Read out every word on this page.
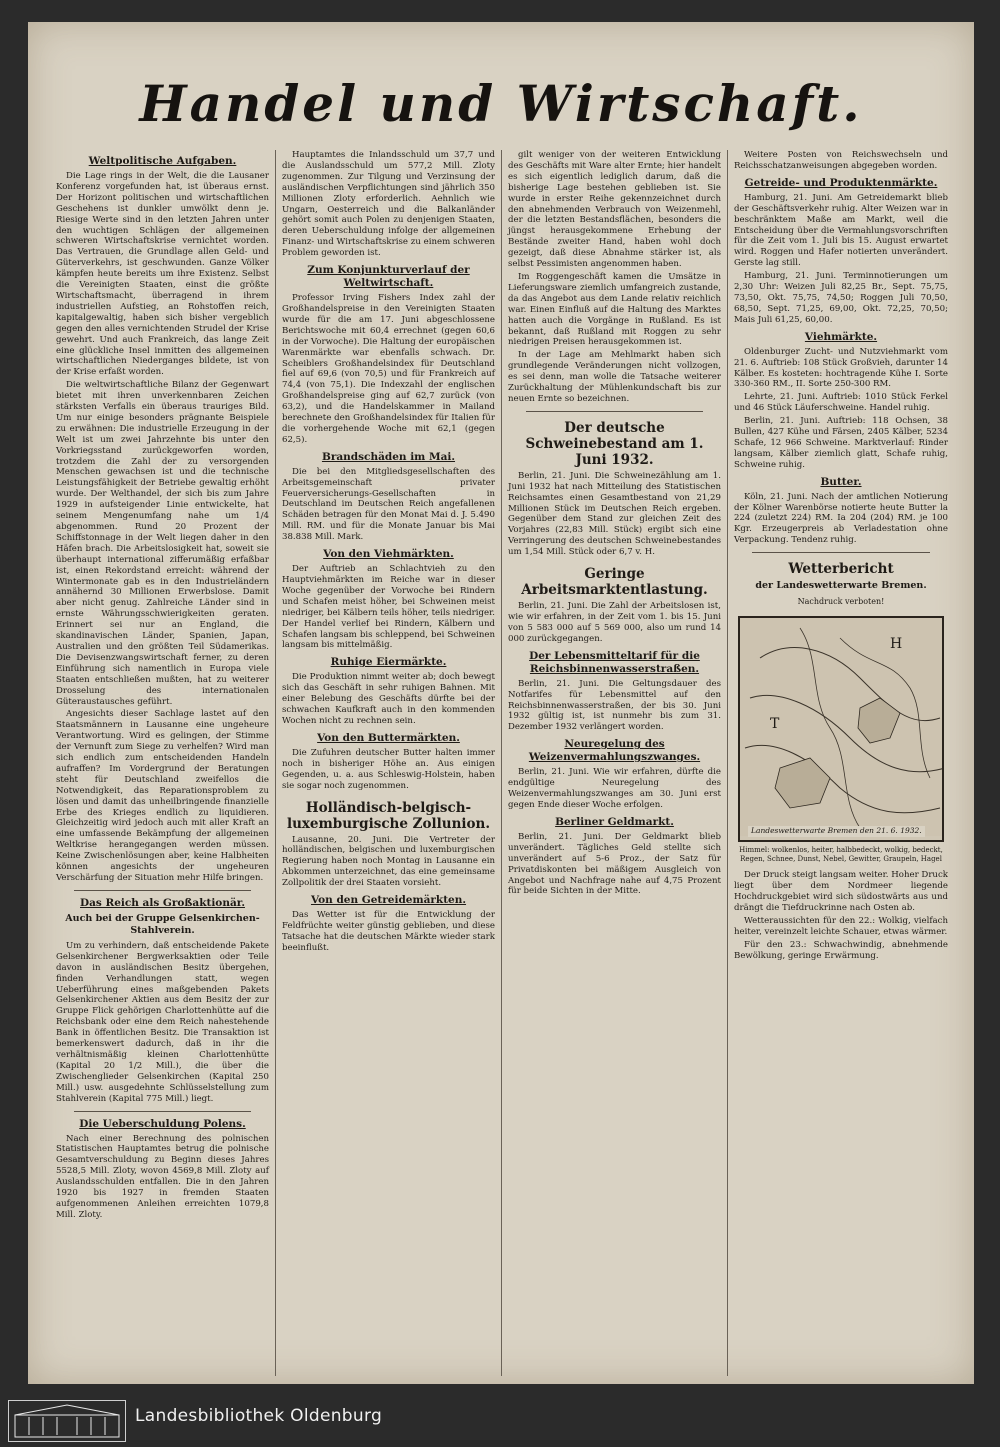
Handel und Wirtschaft.
Weltpolitische Aufgaben.

Die Lage rings in der Welt, die die Lausaner Konferenz vorgefunden hat, ist überaus ernst. Der Horizont politischen und wirtschaftlichen Geschehens ist dunkler umwölkt denn je. Riesige Werte sind in den letzten Jahren unter den wuchtigen Schlägen der allgemeinen schweren Wirtschaftskrise vernichtet worden. Das Vertrauen, die Grundlage allen Geld- und Güterverkehrs, ist geschwunden. Ganze Völker kämpfen heute bereits um ihre Existenz. Selbst die Vereinigten Staaten, einst die größte Wirtschaftsmacht, überragend in ihrem industriellen Aufstieg, an Rohstoffen reich, kapitalgewaltig, haben sich bisher vergeblich gegen den alles vernichtenden Strudel der Krise gewehrt. Und auch Frankreich, das lange Zeit eine glückliche Insel inmitten des allgemeinen wirtschaftlichen Niederganges bildete, ist von der Krise erfaßt worden.

Die weltwirtschaftliche Bilanz der Gegenwart bietet mit ihren unverkennbaren Zeichen stärksten Verfalls ein überaus trauriges Bild. Um nur einige besonders prägnante Beispiele zu erwähnen: Die industrielle Erzeugung in der Welt ist um zwei Jahrzehnte bis unter den Vorkriegsstand zurückgeworfen worden, trotzdem die Zahl der zu versorgenden Menschen gewachsen ist und die technische Leistungsfähigkeit der Betriebe gewaltig erhöht wurde. Der Welthandel, der sich bis zum Jahre 1929 in aufsteigender Linie entwickelte, hat seinem Mengenumfang nahe um 1/4 abgenommen. Rund 20 Prozent der Schiffstonnage in der Welt liegen daher in den Häfen brach. Die Arbeitslosigkeit hat, soweit sie überhaupt international zifferumäßig erfaßbar ist, einen Rekordstand erreicht: während der Wintermonate gab es in den Industrieländern annähernd 30 Millionen Erwerbslose. Damit aber nicht genug. Zahlreiche Länder sind in ernste Währungsschwierigkeiten geraten. Erinnert sei nur an England, die skandinavischen Länder, Spanien, Japan, Australien und den größten Teil Südamerikas. Die Devisenzwangswirtschaft ferner, zu deren Einführung sich namentlich in Europa viele Staaten entschließen mußten, hat zu weiterer Drosselung des internationalen Güteraustausches geführt.

Angesichts dieser Sachlage lastet auf den Staatsmännern in Lausanne eine ungeheure Verantwortung. Wird es gelingen, der Stimme der Vernunft zum Siege zu verhelfen? Wird man sich endlich zum entscheidenden Handeln aufraffen? Im Vordergrund der Beratungen steht für Deutschland zweifellos die Notwendigkeit, das Reparationsproblem zu lösen und damit das unheilbringende finanzielle Erbe des Krieges endlich zu liquidieren. Gleichzeitig wird jedoch auch mit aller Kraft an eine umfassende Bekämpfung der allgemeinen Weltkrise herangegangen werden müssen. Keine Zwischenlösungen aber, keine Halbheiten können angesichts der ungeheuren Verschärfung der Situation mehr Hilfe bringen.

Das Reich als Großaktionär.
Auch bei der Gruppe Gelsenkirchen-Stahlverein.

Um zu verhindern, daß entscheidende Pakete Gelsenkirchener Bergwerksaktien oder Teile davon in ausländischen Besitz übergehen, finden Verhandlungen statt, wegen Ueberführung eines maßgebenden Pakets Gelsenkirchener Aktien aus dem Besitz der zur Gruppe Flick gehörigen Charlottenhütte auf die Reichsbank oder eine dem Reich nahestehende Bank in öffentlichen Besitz. Die Transaktion ist bemerkenswert dadurch, daß in ihr die verhältnismäßig kleinen Charlottenhütte (Kapital 20 1/2 Mill.), die über die Zwischenglieder Gelsenkirchen (Kapital 250 Mill.) usw. ausgedehnte Schlüsselstellung zum Stahlverein (Kapital 775 Mill.) liegt.

Die Ueberschuldung Polens.

Nach einer Berechnung des polnischen Statistischen Hauptamtes betrug die polnische Gesamtverschuldung zu Beginn dieses Jahres 5528,5 Mill. Zloty, wovon 4569,8 Mill. Zloty auf Auslandsschulden entfallen. Die in den Jahren 1920 bis 1927 in fremden Staaten aufgenommenen Anleihen erreichten 1079,8 Mill. Zloty.

Hauptamtes die Inlandsschuld um 37,7 und die Auslandsschuld um 577,2 Mill. Zloty zugenommen. Zur Tilgung und Verzinsung der ausländischen Verpflichtungen sind jährlich 350 Millionen Zloty erforderlich. Aehnlich wie Ungarn, Oesterreich und die Balkanländer gehört somit auch Polen zu denjenigen Staaten, deren Ueberschuldung infolge der allgemeinen Finanz- und Wirtschaftskrise zu einem schweren Problem geworden ist.

Zum Konjunkturverlauf der Weltwirtschaft.

Professor Irving Fishers Index zahl der Großhandelspreise in den Vereinigten Staaten wurde für die am 17. Juni abgeschlossene Berichtswoche mit 60,4 errechnet (gegen 60,6 in der Vorwoche). Die Haltung der europäischen Warenmärkte war ebenfalls schwach. Dr. Scheiblers Großhandelsindex für Deutschland fiel auf 69,6 (von 70,5) und für Frankreich auf 74,4 (von 75,1). Die Indexzahl der englischen Großhandelspreise ging auf 62,7 zurück (von 63,2), und die Handelskammer in Mailand berechnete den Großhandelsindex für Italien für die vorhergehende Woche mit 62,1 (gegen 62,5).

Brandschäden im Mai.

Die bei den Mitgliedsgesellschaften des Arbeitsgemeinschaft privater Feuerversicherungs-Gesellschaften in Deutschland im Deutschen Reich angefallenen Schäden betragen für den Monat Mai d. J. 5.490 Mill. RM. und für die Monate Januar bis Mai 38.838 Mill. Mark.

Von den Viehmärkten.

Der Auftrieb an Schlachtvieh zu den Hauptviehmärkten im Reiche war in dieser Woche gegenüber der Vorwoche bei Rindern und Schafen meist höher, bei Schweinen meist niedriger, bei Kälbern teils höher, teils niedriger. Der Handel verlief bei Rindern, Kälbern und Schafen langsam bis schleppend, bei Schweinen langsam bis mittelmäßig.

Ruhige Eiermärkte.

Die Produktion nimmt weiter ab; doch bewegt sich das Geschäft in sehr ruhigen Bahnen. Mit einer Belebung des Geschäfts dürfte bei der schwachen Kaufkraft auch in den kommenden Wochen nicht zu rechnen sein.

Von den Buttermärkten.

Die Zufuhren deutscher Butter halten immer noch in bisheriger Höhe an. Aus einigen Gegenden, u. a. aus Schleswig-Holstein, haben sie sogar noch zugenommen.

Holländisch-belgisch-luxemburgische Zollunion.

Lausanne, 20. Juni. Die Vertreter der holländischen, belgischen und luxemburgischen Regierung haben noch Montag in Lausanne ein Abkommen unterzeichnet, das eine gemeinsame Zollpolitik der drei Staaten vorsieht.

Von den Getreidemärkten.

Das Wetter ist für die Entwicklung der Feldfrüchte weiter günstig geblieben, und diese Tatsache hat die deutschen Märkte wieder stark beeinflußt.

gilt weniger von der weiteren Entwicklung des Geschäfts mit Ware alter Ernte; hier handelt es sich eigentlich lediglich darum, daß die bisherige Lage bestehen geblieben ist. Sie wurde in erster Reihe gekennzeichnet durch den abnehmenden Verbrauch von Weizenmehl, der die letzten Bestandsflächen, besonders die jüngst herausgekommene Erhebung der Bestände zweiter Hand, haben wohl doch gezeigt, daß diese Abnahme stärker ist, als selbst Pessimisten angenommen haben.

Im Roggengeschäft kamen die Umsätze in Lieferungsware ziemlich umfangreich zustande, da das Angebot aus dem Lande relativ reichlich war. Einen Einfluß auf die Haltung des Marktes hatten auch die Vorgänge in Rußland. Es ist bekannt, daß Rußland mit Roggen zu sehr niedrigen Preisen herausgekommen ist.

In der Lage am Mehlmarkt haben sich grundlegende Veränderungen nicht vollzogen, es sei denn, man wolle die Tatsache weiterer Zurückhaltung der Mühlenkundschaft bis zur neuen Ernte so bezeichnen.

Der deutsche Schweinebestand am 1. Juni 1932.

Berlin, 21. Juni. Die Schweinezählung am 1. Juni 1932 hat nach Mitteilung des Statistischen Reichsamtes einen Gesamtbestand von 21,29 Millionen Stück im Deutschen Reich ergeben. Gegenüber dem Stand zur gleichen Zeit des Vorjahres (22,83 Mill. Stück) ergibt sich eine Verringerung des deutschen Schweinebestandes um 1,54 Mill. Stück oder 6,7 v. H.

Geringe Arbeitsmarktentlastung.

Berlin, 21. Juni. Die Zahl der Arbeitslosen ist, wie wir erfahren, in der Zeit vom 1. bis 15. Juni von 5 583 000 auf 5 569 000, also um rund 14 000 zurückgegangen.

Der Lebensmitteltarif für die Reichsbinnenwasserstraßen.

Berlin, 21. Juni. Die Geltungsdauer des Notfarifes für Lebensmittel auf den Reichsbinnenwasserstraßen, der bis 30. Juni 1932 gültig ist, ist nunmehr bis zum 31. Dezember 1932 verlängert worden.

Neuregelung des Weizenvermahlungszwanges.

Berlin, 21. Juni. Wie wir erfahren, dürfte die endgültige Neuregelung des Weizenvermahlungszwanges am 30. Juni erst gegen Ende dieser Woche erfolgen.

Berliner Geldmarkt.

Berlin, 21. Juni. Der Geldmarkt blieb unverändert. Tägliches Geld stellte sich unverändert auf 5-6 Proz., der Satz für Privatdiskonten bei mäßigem Ausgleich von Angebot und Nachfrage nahe auf 4,75 Prozent für beide Sichten in der Mitte.

Weitere Posten von Reichswechseln und Reichsschatzanweisungen abgegeben worden.

Getreide- und Produktenmärkte.

Hamburg, 21. Juni. Am Getreidemarkt blieb der Geschäftsverkehr ruhig. Alter Weizen war in beschränktem Maße am Markt, weil die Entscheidung über die Vermahlungsvorschriften für die Zeit vom 1. Juli bis 15. August erwartet wird. Roggen und Hafer notierten unverändert. Gerste lag still.

Hamburg, 21. Juni. Terminnotierungen um 2,30 Uhr: Weizen Juli 82,25 Br., Sept. 75,75, 73,50, Okt. 75,75, 74,50; Roggen Juli 70,50, 68,50, Sept. 71,25, 69,00, Okt. 72,25, 70,50; Mais Juli 61,25, 60,00.

Viehmärkte.

Oldenburger Zucht- und Nutzviehmarkt vom 21. 6. Auftrieb: 108 Stück Großvieh, darunter 14 Kälber. Es kosteten: hochtragende Kühe I. Sorte 330-360 RM., II. Sorte 250-300 RM.

Lehrte, 21. Juni. Auftrieb: 1010 Stück Ferkel und 46 Stück Läuferschweine. Handel ruhig.

Berlin, 21. Juni. Auftrieb: 118 Ochsen, 38 Bullen, 427 Kühe und Färsen, 2405 Kälber, 5234 Schafe, 12 966 Schweine. Marktverlauf: Rinder langsam, Kälber ziemlich glatt, Schafe ruhig, Schweine ruhig.

Butter.

Köln, 21. Juni. Nach der amtlichen Notierung der Kölner Warenbörse notierte heute Butter la 224 (zuletzt 224) RM. Ia 204 (204) RM. je 100 Kgr. Erzeugerpreis ab Verladestation ohne Verpackung. Tendenz ruhig.

Wetterbericht
der Landeswetterwarte Bremen.
Nachdruck verboten!
H
T
Landeswetterwarte Bremen den 21. 6. 1932.
Himmel: wolkenlos, heiter, halbbedeckt, wolkig, bedeckt, Regen, Schnee, Dunst, Nebel, Gewitter, Graupeln, Hagel

Der Druck steigt langsam weiter. Hoher Druck liegt über dem Nordmeer liegende Hochdruckgebiet wird sich südostwärts aus und drängt die Tiefdruckrinne nach Osten ab.

Wetteraussichten für den 22.: Wolkig, vielfach heiter, vereinzelt leichte Schauer, etwas wärmer.

Für den 23.: Schwachwindig, abnehmende Bewölkung, geringe Erwärmung.

Landesbibliothek Oldenburg
